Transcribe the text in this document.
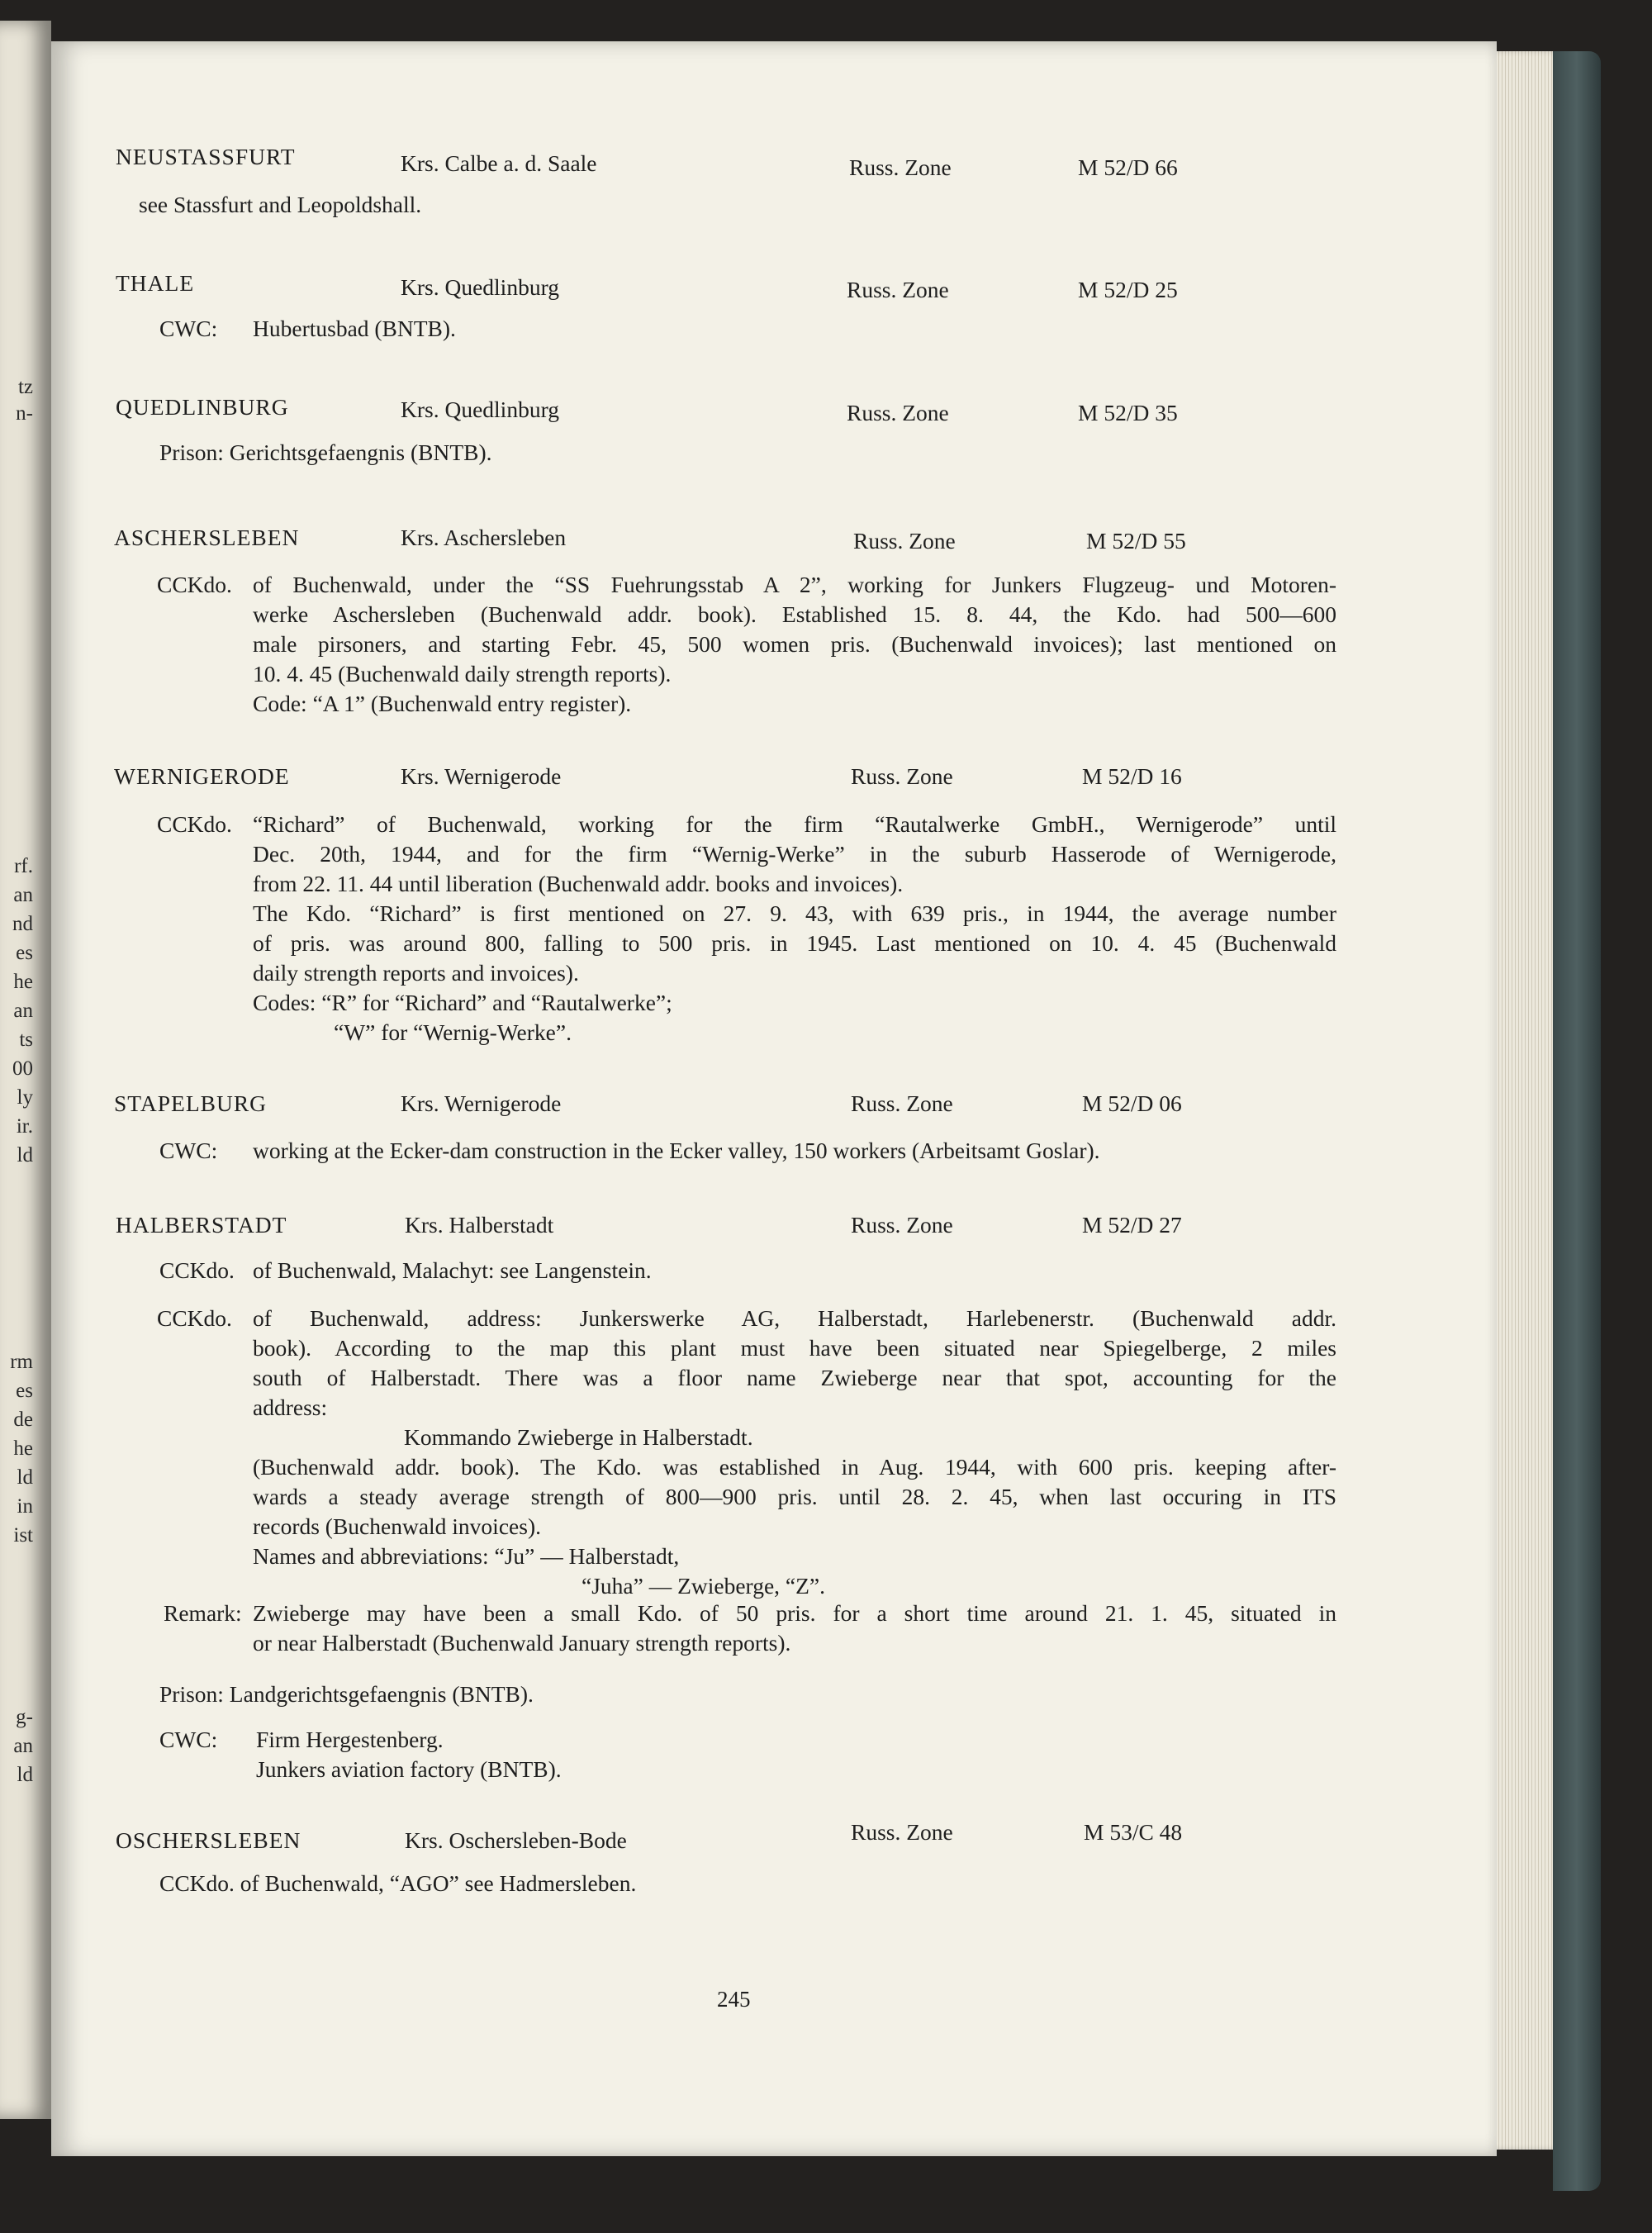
tz
n-
rf.
an
nd
es
he
an
ts
00
ly
ir.
ld
rm
es
de
he
ld
in
ist
g-
an
ld
NEUSTASSFURT	Krs. Calbe a. d. Saale	Russ. Zone	M 52/D 66
see Stassfurt and Leopoldshall.
THALE	Krs. Quedlinburg	Russ. Zone	M 52/D 25
CWC: Hubertusbad (BNTB).
QUEDLINBURG	Krs. Quedlinburg	Russ. Zone	M 52/D 35
Prison: Gerichtsgefaengnis (BNTB).
ASCHERSLEBEN	Krs. Aschersleben	Russ. Zone	M 52/D 55
CCKdo. of Buchenwald, under the “SS Fuehrungsstab A 2”, working for Junkers Flugzeug- und Motoren-
werke Aschersleben (Buchenwald addr. book). Established 15. 8. 44, the Kdo. had 500—600
male pirsoners, and starting Febr. 45, 500 women pris. (Buchenwald invoices); last mentioned on
10. 4. 45 (Buchenwald daily strength reports).
Code: “A 1” (Buchenwald entry register).
WERNIGERODE	Krs. Wernigerode	Russ. Zone	M 52/D 16
CCKdo. “Richard” of Buchenwald, working for the firm “Rautalwerke GmbH., Wernigerode” until
Dec. 20th, 1944, and for the firm “Wernig-Werke” in the suburb Hasserode of Wernigerode,
from 22. 11. 44 until liberation (Buchenwald addr. books and invoices).
The Kdo. “Richard” is first mentioned on 27. 9. 43, with 639 pris., in 1944, the average number
of pris. was around 800, falling to 500 pris. in 1945. Last mentioned on 10. 4. 45 (Buchenwald
daily strength reports and invoices).
Codes: “R” for “Richard” and “Rautalwerke”;
“W” for “Wernig-Werke”.
STAPELBURG	Krs. Wernigerode	Russ. Zone	M 52/D 06
CWC: working at the Ecker-dam construction in the Ecker valley, 150 workers (Arbeitsamt Goslar).
HALBERSTADT	Krs. Halberstadt	Russ. Zone	M 52/D 27
CCKdo. of Buchenwald, Malachyt: see Langenstein.
CCKdo. of Buchenwald, address: Junkerswerke AG, Halberstadt, Harlebenerstr. (Buchenwald addr.
book). According to the map this plant must have been situated near Spiegelberge, 2 miles
south of Halberstadt. There was a floor name Zwieberge near that spot, accounting for the
address:
Kommando Zwieberge in Halberstadt.
(Buchenwald addr. book). The Kdo. was established in Aug. 1944, with 600 pris. keeping after-
wards a steady average strength of 800—900 pris. until 28. 2. 45, when last occuring in ITS
records (Buchenwald invoices).
Names and abbreviations: “Ju” — Halberstadt,
“Juha” — Zwieberge, “Z”.
Remark: Zwieberge may have been a small Kdo. of 50 pris. for a short time around 21. 1. 45, situated in
or near Halberstadt (Buchenwald January strength reports).
Prison: Landgerichtsgefaengnis (BNTB).
CWC: Firm Hergestenberg.
Junkers aviation factory (BNTB).
OSCHERSLEBEN	Krs. Oschersleben-Bode	Russ. Zone	M 53/C 48
CCKdo. of Buchenwald, “AGO” see Hadmersleben.
245
